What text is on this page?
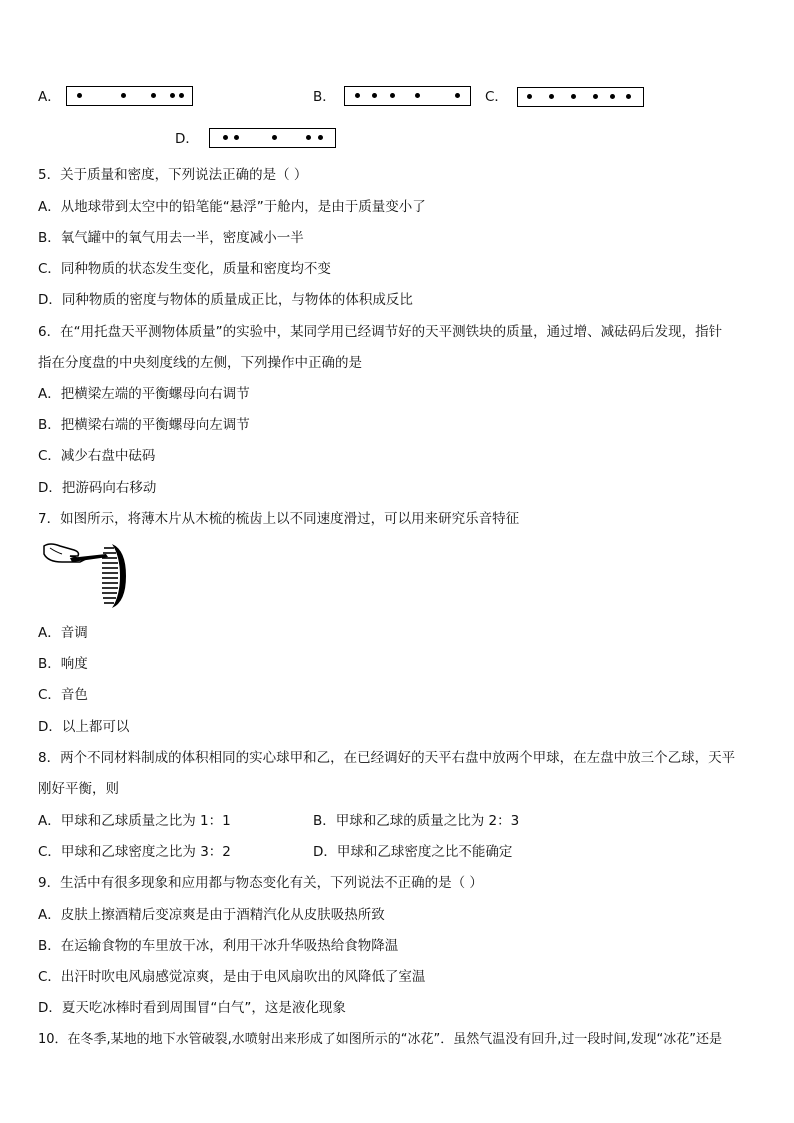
A．	B．	C．
D．
5．关于质量和密度，下列说法正确的是（ ）
A．从地球带到太空中的铅笔能“悬浮”于舱内，是由于质量变小了
B．氧气罐中的氧气用去一半，密度减小一半
C．同种物质的状态发生变化，质量和密度均不变
D．同种物质的密度与物体的质量成正比，与物体的体积成反比
6．在“用托盘天平测物体质量”的实验中，某同学用已经调节好的天平测铁块的质量，通过增、减砝码后发现，指针
指在分度盘的中央刻度线的左侧，下列操作中正确的是
A．把横梁左端的平衡螺母向右调节
B．把横梁右端的平衡螺母向左调节
C．减少右盘中砝码
D．把游码向右移动
7．如图所示，将薄木片从木梳的梳齿上以不同速度滑过，可以用来研究乐音特征
A．音调
B．响度
C．音色
D．以上都可以
8．两个不同材料制成的体积相同的实心球甲和乙，在已经调好的天平右盘中放两个甲球，在左盘中放三个乙球，天平
刚好平衡，则
A．甲球和乙球质量之比为 1：1	B．甲球和乙球的质量之比为 2：3
C．甲球和乙球密度之比为 3：2	D．甲球和乙球密度之比不能确定
9．生活中有很多现象和应用都与物态变化有关，下列说法不正确的是（ ）
A．皮肤上擦酒精后变凉爽是由于酒精汽化从皮肤吸热所致
B．在运输食物的车里放干冰，利用干冰升华吸热给食物降温
C．出汗时吹电风扇感觉凉爽，是由于电风扇吹出的风降低了室温
D．夏天吃冰棒时看到周围冒“白气”，这是液化现象
10．在冬季,某地的地下水管破裂,水喷射出来形成了如图所示的“冰花”．虽然气温没有回升,过一段时间,发现“冰花”还是
